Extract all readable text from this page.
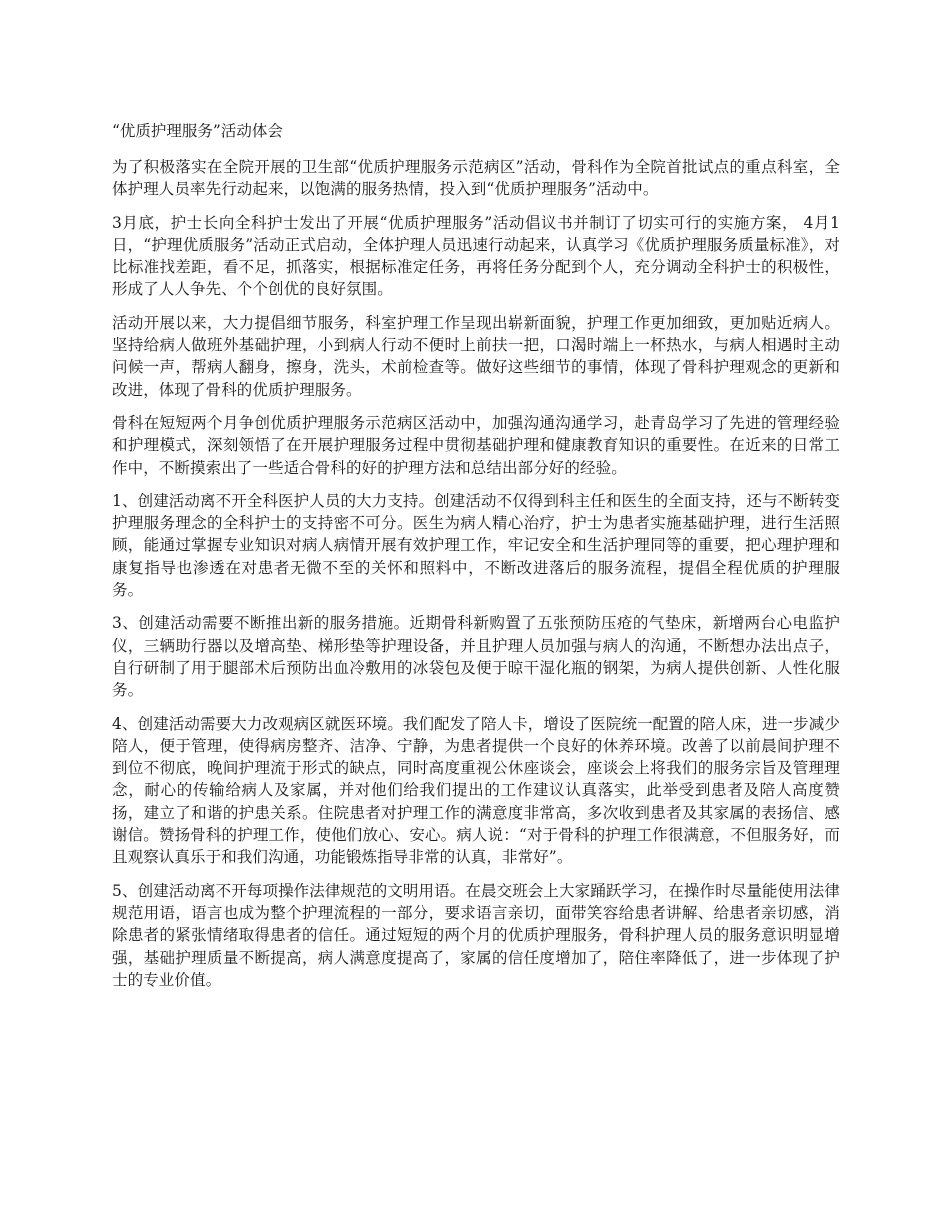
“优质护理服务”活动体会

为了积极落实在全院开展的卫生部“优质护理服务示范病区”活动，骨科作为全院首批试点的重点科室，全体护理人员率先行动起来，以饱满的服务热情，投入到“优质护理服务”活动中。

3月底，护士长向全科护士发出了开展“优质护理服务”活动倡议书并制订了切实可行的实施方案， 4月1日，“护理优质服务”活动正式启动，全体护理人员迅速行动起来，认真学习《优质护理服务质量标准》，对比标准找差距，看不足，抓落实，根据标准定任务，再将任务分配到个人，充分调动全科护士的积极性，形成了人人争先、个个创优的良好氛围。

活动开展以来，大力提倡细节服务，科室护理工作呈现出崭新面貌，护理工作更加细致，更加贴近病人。坚持给病人做班外基础护理，小到病人行动不便时上前扶一把，口渴时端上一杯热水，与病人相遇时主动问候一声，帮病人翻身，擦身，洗头，术前检查等。做好这些细节的事情，体现了骨科护理观念的更新和改进，体现了骨科的优质护理服务。

骨科在短短两个月争创优质护理服务示范病区活动中，加强沟通沟通学习，赴青岛学习了先进的管理经验和护理模式，深刻领悟了在开展护理服务过程中贯彻基础护理和健康教育知识的重要性。在近来的日常工作中，不断摸索出了一些适合骨科的好的护理方法和总结出部分好的经验。

1、创建活动离不开全科医护人员的大力支持。创建活动不仅得到科主任和医生的全面支持，还与不断转变护理服务理念的全科护士的支持密不可分。医生为病人精心治疗，护士为患者实施基础护理，进行生活照顾，能通过掌握专业知识对病人病情开展有效护理工作，牢记安全和生活护理同等的重要，把心理护理和康复指导也渗透在对患者无微不至的关怀和照料中，不断改进落后的服务流程，提倡全程优质的护理服务。

3、创建活动需要不断推出新的服务措施。近期骨科新购置了五张预防压疮的气垫床，新增两台心电监护仪，三辆助行器以及增高垫、梯形垫等护理设备，并且护理人员加强与病人的沟通，不断想办法出点子，自行研制了用于腿部术后预防出血冷敷用的冰袋包及便于晾干湿化瓶的钢架，为病人提供创新、人性化服务。

4、创建活动需要大力改观病区就医环境。我们配发了陪人卡，增设了医院统一配置的陪人床，进一步减少陪人，便于管理，使得病房整齐、洁净、宁静，为患者提供一个良好的休养环境。改善了以前晨间护理不到位不彻底，晚间护理流于形式的缺点，同时高度重视公休座谈会，座谈会上将我们的服务宗旨及管理理念，耐心的传输给病人及家属，并对他们给我们提出的工作建议认真落实，此举受到患者及陪人高度赞扬，建立了和谐的护患关系。住院患者对护理工作的满意度非常高，多次收到患者及其家属的表扬信、感谢信。赞扬骨科的护理工作，使他们放心、安心。病人说：“对于骨科的护理工作很满意，不但服务好，而且观察认真乐于和我们沟通，功能锻炼指导非常的认真，非常好”。

5、创建活动离不开每项操作法律规范的文明用语。在晨交班会上大家踊跃学习，在操作时尽量能使用法律规范用语，语言也成为整个护理流程的一部分，要求语言亲切，面带笑容给患者讲解、给患者亲切感，消除患者的紧张情绪取得患者的信任。通过短短的两个月的优质护理服务，骨科护理人员的服务意识明显增强，基础护理质量不断提高，病人满意度提高了，家属的信任度增加了，陪住率降低了，进一步体现了护士的专业价值。
